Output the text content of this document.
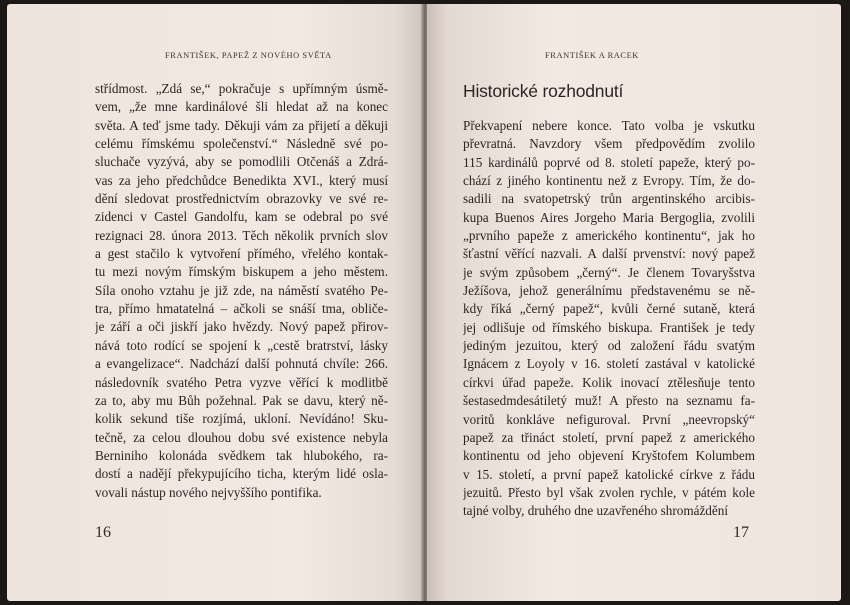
FRANTIŠEK, PAPEŽ Z NOVÉHO SVĚTA
střídmost. „Zdá se,“ pokračuje s upřímným úsmě-
vem, „že mne kardinálové šli hledat až na konec
světa. A teď jsme tady. Děkuji vám za přijetí a děkuji
celému římskému společenství.“ Následně své po-
sluchače vyzývá, aby se pomodlili Otčenáš a Zdrá-
vas za jeho předchůdce Benedikta XVI., který musí
dění sledovat prostřednictvím obrazovky ve své re-
zidenci v Castel Gandolfu, kam se odebral po své
rezignaci 28. února 2013. Těch několik prvních slov
a gest stačilo k vytvoření přímého, vřelého kontak-
tu mezi novým římským biskupem a jeho městem.
Síla onoho vztahu je již zde, na náměstí svatého Pe-
tra, přímo hmatatelná – ačkoli se snáší tma, obliče-
je září a oči jiskří jako hvězdy. Nový papež přirov-
nává toto rodící se spojení k „cestě bratrství, lásky
a evangelizace“. Nadchází další pohnutá chvíle: 266.
následovník svatého Petra vyzve věřící k modlitbě
za to, aby mu Bůh požehnal. Pak se davu, který ně-
kolik sekund tiše rozjímá, ukloní. Nevídáno! Sku-
tečně, za celou dlouhou dobu své existence nebyla
Berniniho kolonáda svědkem tak hlubokého, ra-
dostí a nadějí překypujícího ticha, kterým lidé osla-
vovali nástup nového nejvyššího pontifika.
16
FRANTIŠEK A RACEK
Historické rozhodnutí
Překvapení nebere konce. Tato volba je vskutku
převratná. Navzdory všem předpovědím zvolilo
115 kardinálů poprvé od 8. století papeže, který po-
chází z jiného kontinentu než z Evropy. Tím, že do-
sadili na svatopetrský trůn argentinského arcibis-
kupa Buenos Aires Jorgeho Maria Bergoglia, zvolili
„prvního papeže z amerického kontinentu“, jak ho
šťastní věřící nazvali. A další prvenství: nový papež
je svým způsobem „černý“. Je členem Tovaryšstva
Ježíšova, jehož generálnímu představenému se ně-
kdy říká „černý papež“, kvůli černé sutaně, která
jej odlišuje od římského biskupa. František je tedy
jediným jezuitou, který od založení řádu svatým
Ignácem z Loyoly v 16. století zastával v katolické
církvi úřad papeže. Kolik inovací ztělesňuje tento
šestasedmdesátiletý muž! A přesto na seznamu fa-
voritů konkláve nefiguroval. První „neevropský“
papež za třináct století, první papež z amerického
kontinentu od jeho objevení Kryštofem Kolumbem
v 15. století, a první papež katolické církve z řádu
jezuitů. Přesto byl však zvolen rychle, v pátém kole
tajné volby, druhého dne uzavřeného shromáždění
17
